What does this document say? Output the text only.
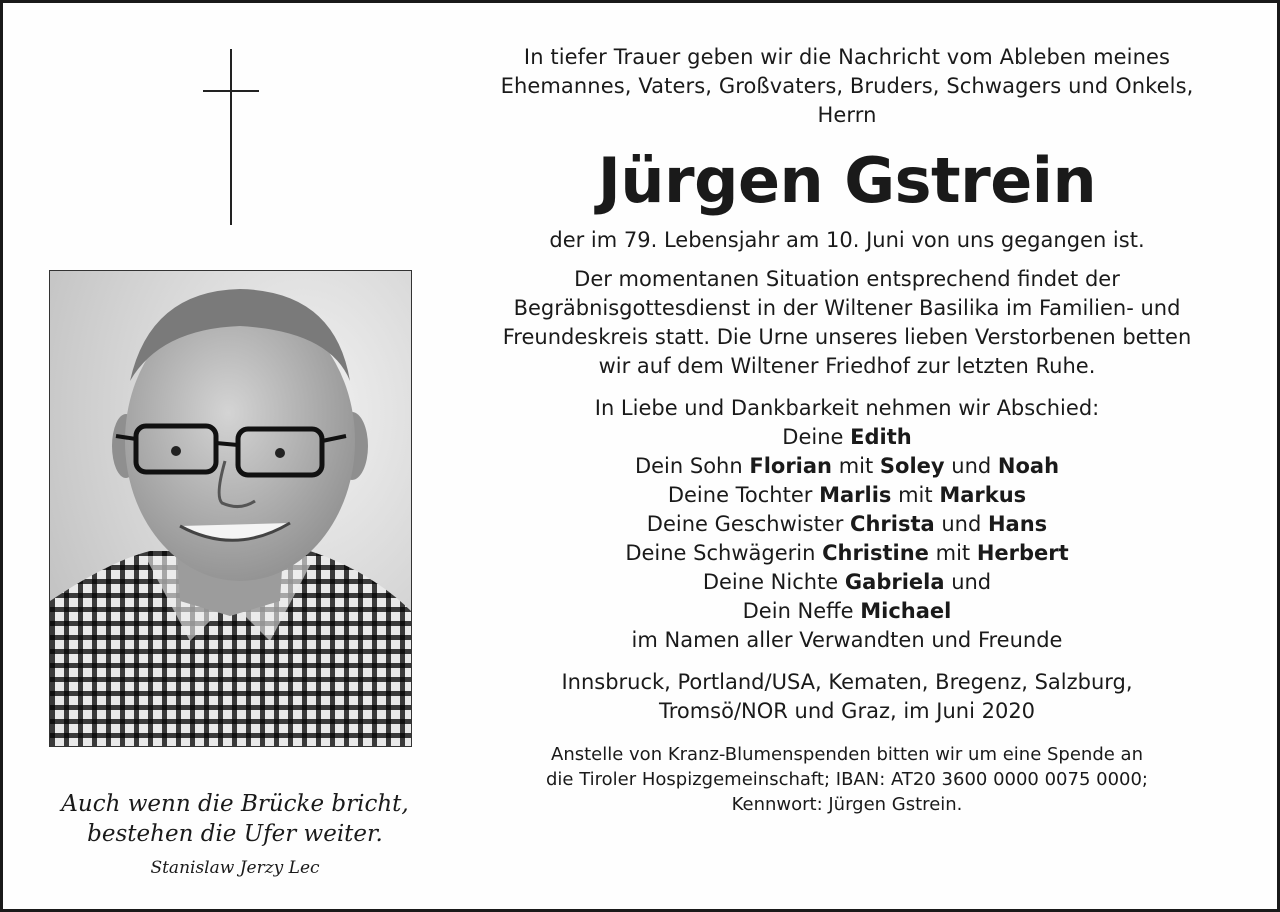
Auch wenn die Brücke bricht,
bestehen die Ufer weiter.
Stanislaw Jerzy Lec
In tiefer Trauer geben wir die Nachricht vom Ableben meines
Ehemannes, Vaters, Großvaters, Bruders, Schwagers und Onkels,
Herrn
Jürgen Gstrein
der im 79. Lebensjahr am 10. Juni von uns gegangen ist.
Der momentanen Situation entsprechend findet der
Begräbnisgottesdienst in der Wiltener Basilika im Familien- und
Freundeskreis statt. Die Urne unseres lieben Verstorbenen betten
wir auf dem Wiltener Friedhof zur letzten Ruhe.
In Liebe und Dankbarkeit nehmen wir Abschied:
Deine Edith
Dein Sohn Florian mit Soley und Noah
Deine Tochter Marlis mit Markus
Deine Geschwister Christa und Hans
Deine Schwägerin Christine mit Herbert
Deine Nichte Gabriela und
Dein Neffe Michael
im Namen aller Verwandten und Freunde
Innsbruck, Portland/USA, Kematen, Bregenz, Salzburg,
Tromsö/NOR und Graz, im Juni 2020
Anstelle von Kranz-Blumenspenden bitten wir um eine Spende an
die Tiroler Hospizgemeinschaft; IBAN: AT20 3600 0000 0075 0000;
Kennwort: Jürgen Gstrein.
